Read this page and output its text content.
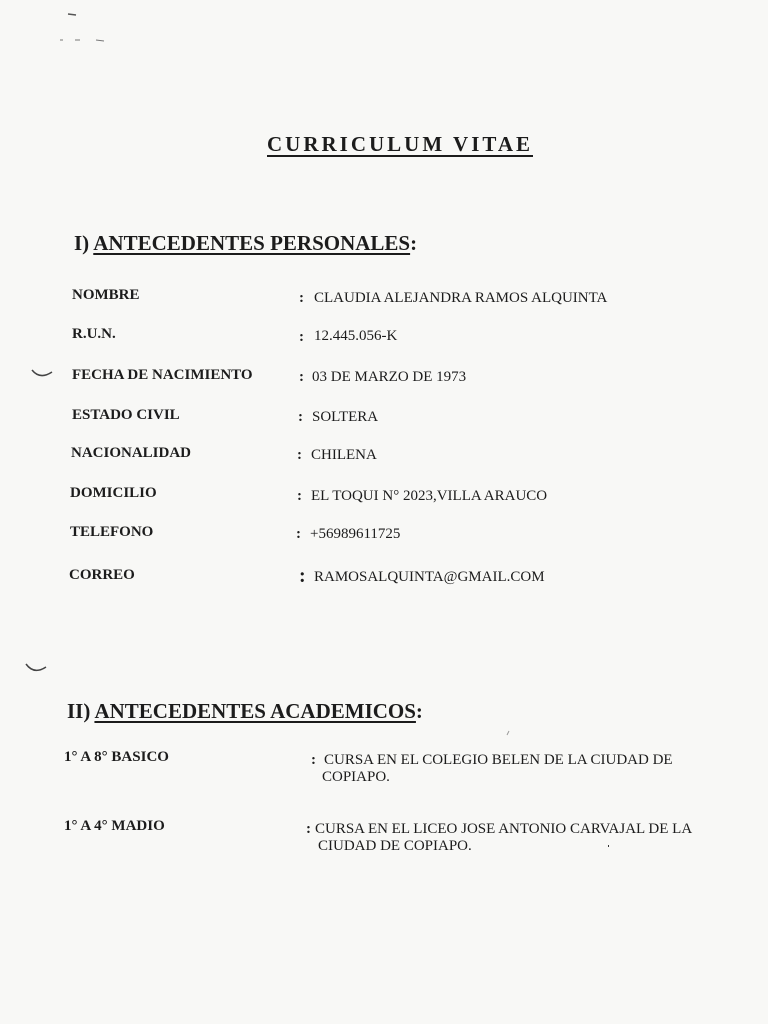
CURRICULUM VITAE
I) ANTECEDENTES PERSONALES:
NOMBRE	: CLAUDIA ALEJANDRA RAMOS ALQUINTA
R.U.N.	: 12.445.056-K
FECHA DE NACIMIENTO	: 03 DE MARZO DE 1973
ESTADO CIVIL	: SOLTERA
NACIONALIDAD	: CHILENA
DOMICILIO	: EL TOQUI N° 2023,VILLA ARAUCO
TELEFONO	: +56989611725
CORREO	: RAMOSALQUINTA@GMAIL.COM
II) ANTECEDENTES ACADEMICOS:
1° A 8° BASICO	: CURSA EN EL COLEGIO BELEN DE LA CIUDAD DE
COPIAPO.
1° A 4° MADIO	: CURSA EN EL LICEO JOSE ANTONIO CARVAJAL DE LA
CIUDAD DE COPIAPO.
